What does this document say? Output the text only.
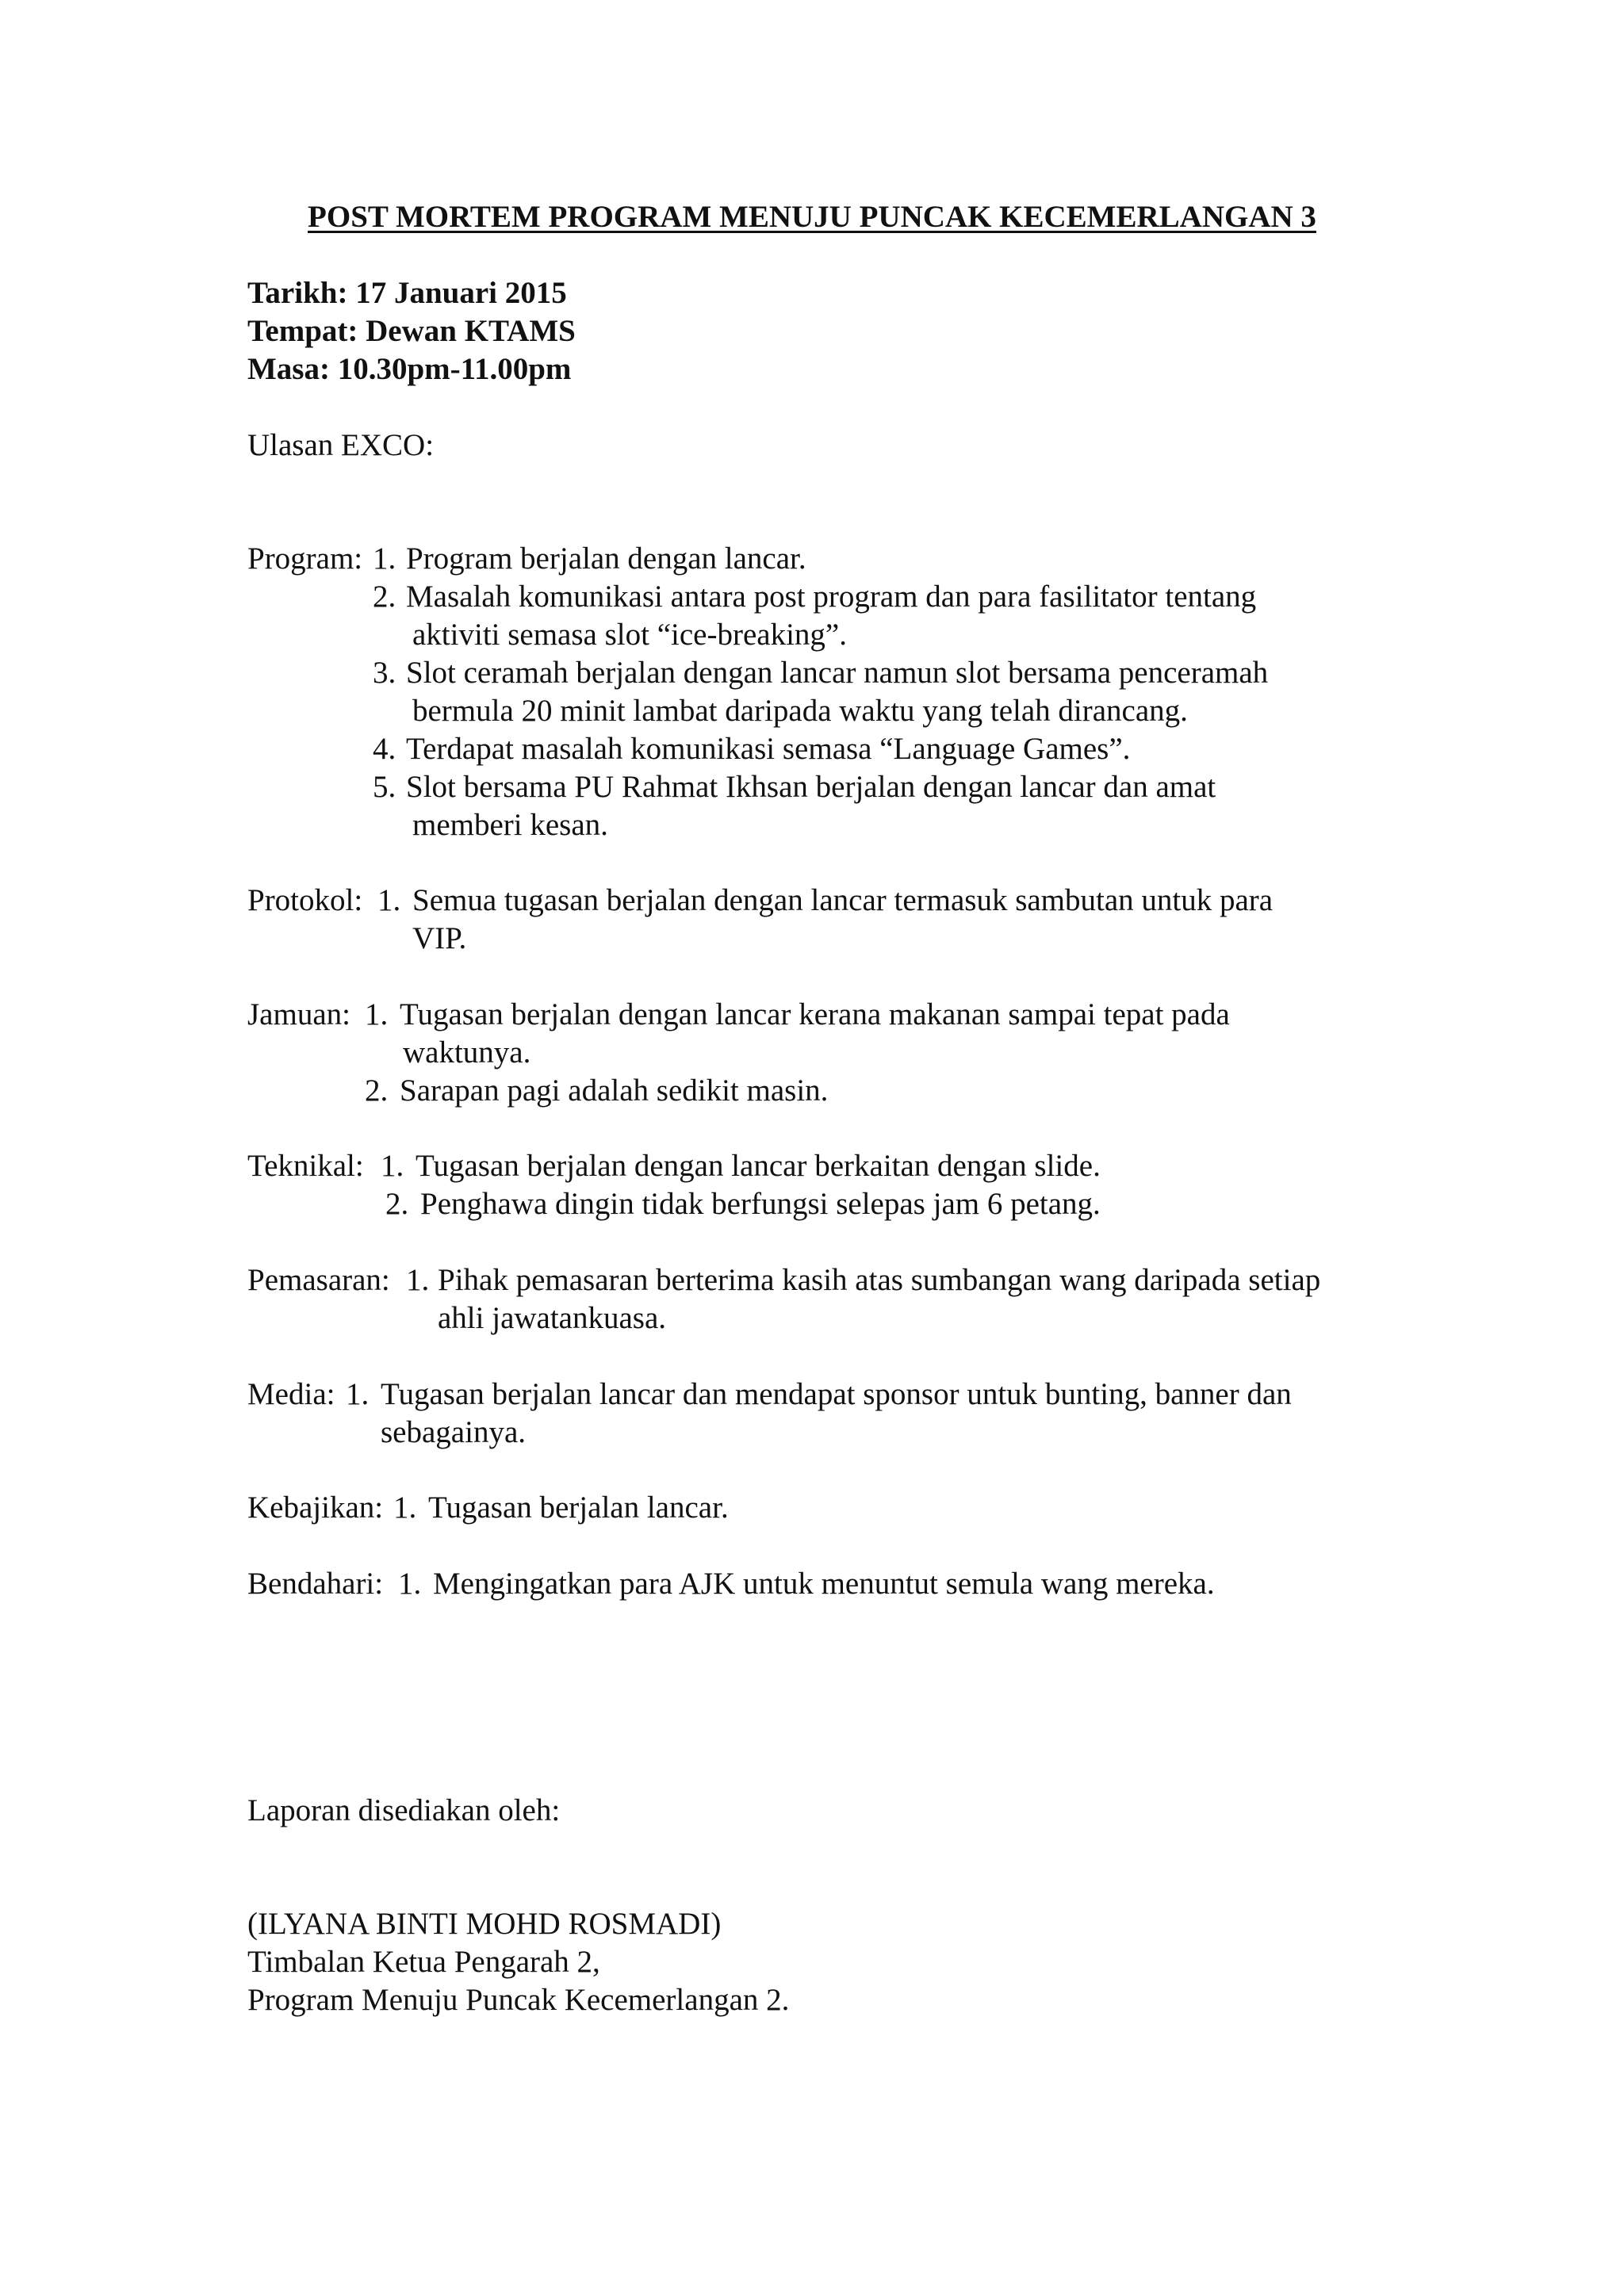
POST MORTEM PROGRAM MENUJU PUNCAK KECEMERLANGAN 3
Tarikh: 17 Januari 2015
Tempat: Dewan KTAMS
Masa: 10.30pm-11.00pm
Ulasan EXCO:
Program: 1. Program berjalan dengan lancar.
2. Masalah komunikasi antara post program dan para fasilitator tentang
aktiviti semasa slot “ice-breaking”.
3. Slot ceramah berjalan dengan lancar namun slot bersama penceramah
bermula 20 minit lambat daripada waktu yang telah dirancang.
4. Terdapat masalah komunikasi semasa “Language Games”.
5. Slot bersama PU Rahmat Ikhsan berjalan dengan lancar dan amat
memberi kesan.
Protokol: 1. Semua tugasan berjalan dengan lancar termasuk sambutan untuk para
VIP.
Jamuan: 1. Tugasan berjalan dengan lancar kerana makanan sampai tepat pada
waktunya.
2. Sarapan pagi adalah sedikit masin.
Teknikal: 1. Tugasan berjalan dengan lancar berkaitan dengan slide.
2. Penghawa dingin tidak berfungsi selepas jam 6 petang.
Pemasaran: 1. Pihak pemasaran berterima kasih atas sumbangan wang daripada setiap
ahli jawatankuasa.
Media: 1. Tugasan berjalan lancar dan mendapat sponsor untuk bunting, banner dan
sebagainya.
Kebajikan: 1. Tugasan berjalan lancar.
Bendahari: 1. Mengingatkan para AJK untuk menuntut semula wang mereka.
Laporan disediakan oleh:
(ILYANA BINTI MOHD ROSMADI)
Timbalan Ketua Pengarah 2,
Program Menuju Puncak Kecemerlangan 2.
